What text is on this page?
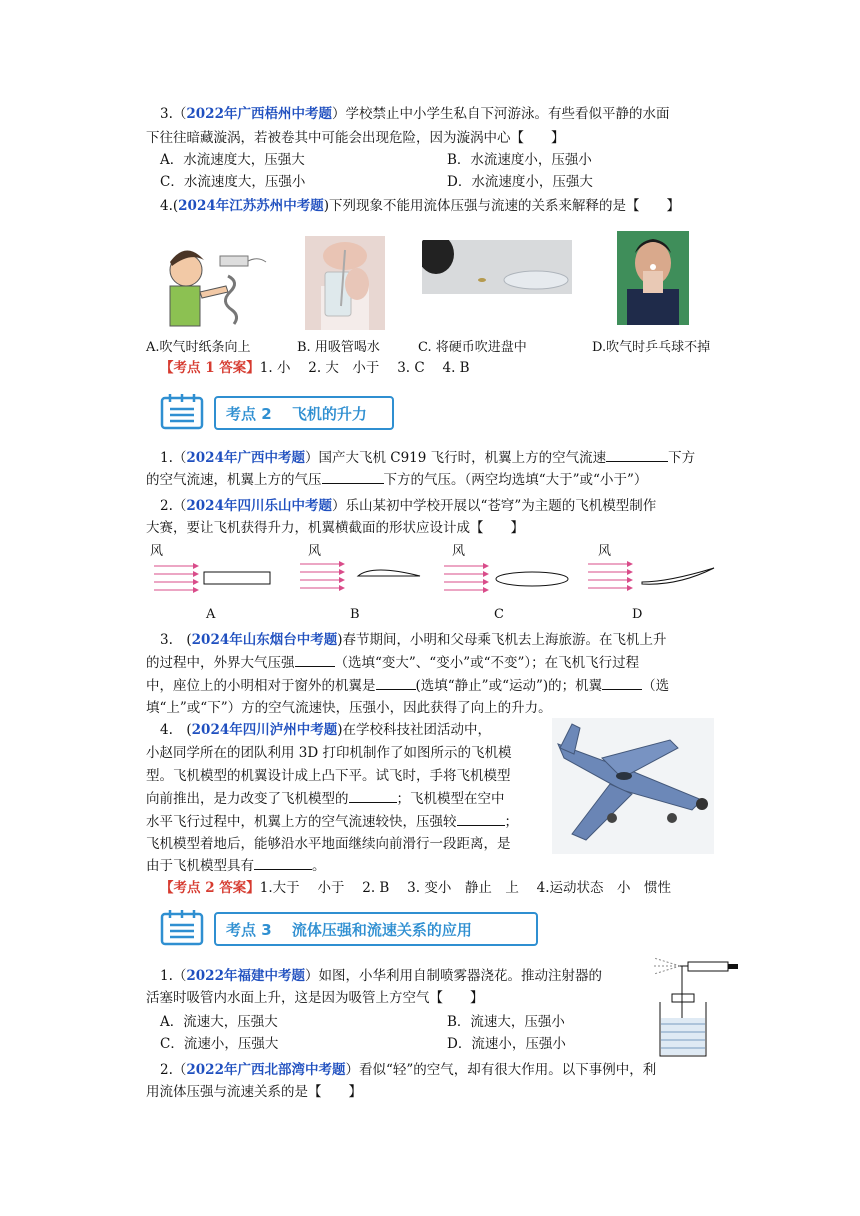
3.（2022年广西梧州中考题）学校禁止中小学生私自下河游泳。有些看似平静的水面
下往往暗藏漩涡，若被卷其中可能会出现危险，因为漩涡中心【　　】
A．水流速度大，压强大	B．水流速度小，压强小
C．水流速度大，压强小	D．水流速度小，压强大
4.(2024年江苏苏州中考题)下列现象不能用流体压强与流速的关系来解释的是【　　】
A.吹气时纸条向上	B. 用吸管喝水	C. 将硬币吹进盘中	D.吹气时乒乓球不掉
【考点 1 答案】1. 小　 2. 大　小于　 3. C　 4. B
考点 2　 飞机的升力
1.（2024年广西中考题）国产大飞机 C919 飞行时，机翼上方的空气流速	下方
的空气流速，机翼上方的气压	下方的气压。（两空均选填“大于”或“小于”）
2.（2024年四川乐山中考题）乐山某初中学校开展以“苍穹”为主题的飞机模型制作
大赛，要让飞机获得升力，机翼横截面的形状应设计成【　　】
风	风	风	风
A	B	C	D
3.　(2024年山东烟台中考题)春节期间，小明和父母乘飞机去上海旅游。在飞机上升
的过程中，外界大气压强	（选填“变大”、“变小”或“不变”）；在飞机飞行过程
中，座位上的小明相对于窗外的机翼是	(选填“静止”或“运动”)的；机翼	（选
填“上”或“下”）方的空气流速快，压强小，因此获得了向上的升力。
4.　(2024年四川泸州中考题)在学校科技社团活动中，
小赵同学所在的团队利用 3D 打印机制作了如图所示的飞机模
型。飞机模型的机翼设计成上凸下平。试飞时，手将飞机模型
向前推出，是力改变了飞机模型的	；飞机模型在空中
水平飞行过程中，机翼上方的空气流速较快，压强较	；
飞机模型着地后，能够沿水平地面继续向前滑行一段距离，是
由于飞机模型具有	。
【考点 2 答案】1.大于　 小于　 2. B　 3. 变小　静止　上　 4.运动状态　小　惯性
考点 3　 流体压强和流速关系的应用
1.（2022年福建中考题）如图，小华利用自制喷雾器浇花。推动注射器的
活塞时吸管内水面上升，这是因为吸管上方空气【　　】
A．流速大，压强大	B．流速大，压强小
C．流速小，压强大	D．流速小，压强小
2.（2022年广西北部湾中考题）看似“轻”的空气，却有很大作用。以下事例中，利
用流体压强与流速关系的是【　　】
